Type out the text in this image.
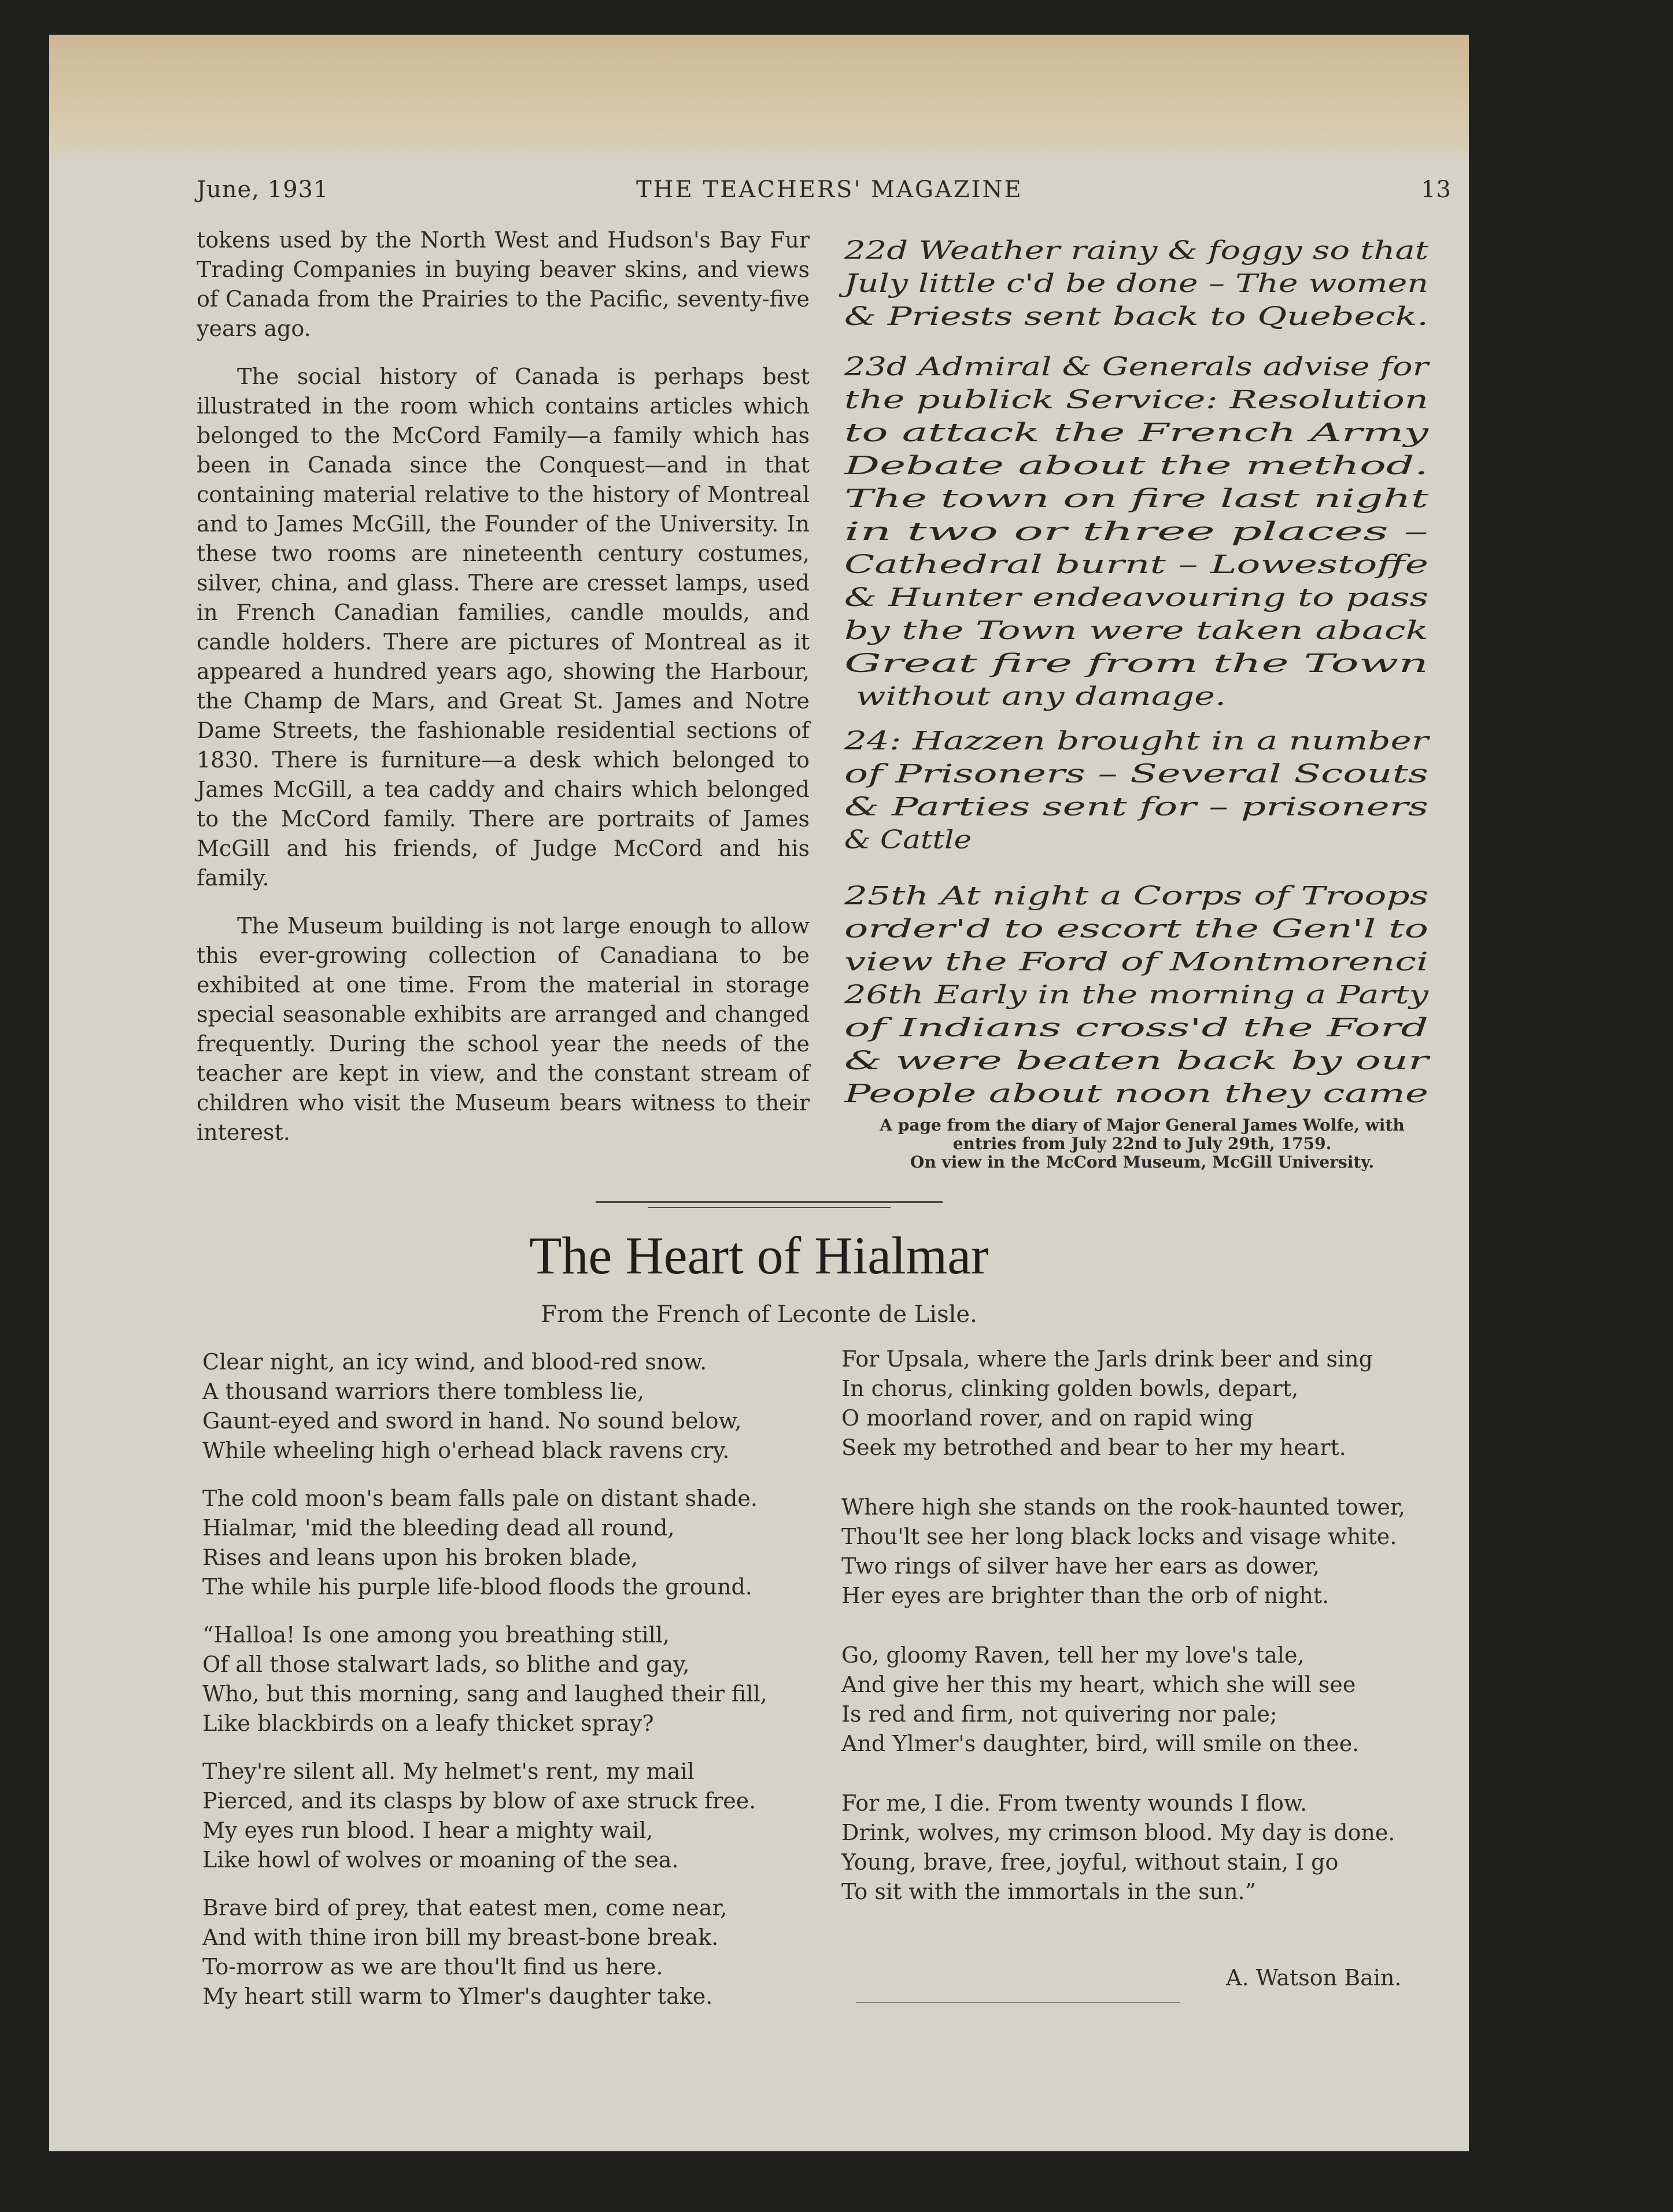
June, 1931	THE TEACHERS' MAGAZINE	13

tokens used by the North West and Hudson's Bay Fur Trading Companies in buying beaver skins, and views of Canada from the Prairies to the Pacific, seventy-five years ago.

The social history of Canada is perhaps best illustrated in the room which contains articles which belonged to the McCord Family—a family which has been in Canada since the Conquest—and in that containing material relative to the history of Montreal and to James McGill, the Founder of the University. In these two rooms are nineteenth century costumes, silver, china, and glass. There are cresset lamps, used in French Canadian families, candle moulds, and candle holders. There are pictures of Montreal as it appeared a hundred years ago, showing the Harbour, the Champ de Mars, and Great St. James and Notre Dame Streets, the fashionable residential sections of 1830. There is furniture—a desk which belonged to James McGill, a tea caddy and chairs which belonged to the McCord family. There are portraits of James McGill and his friends, of Judge McCord and his family.

The Museum building is not large enough to allow this ever-growing collection of Canadiana to be exhibited at one time. From the material in storage special seasonable exhibits are arranged and changed frequently. During the school year the needs of the teacher are kept in view, and the constant stream of children who visit the Museum bears witness to their interest.

22d Weather rainy & foggy so that
July little c'd be done – The women
& Priests sent back to Quebeck.
23d Admiral & Generals advise for
the publick Service: Resolution
to attack the French Army
Debate about the method.
The town on fire last night
in two or three places –
Cathedral burnt – Lowestoffe
& Hunter endeavouring to pass
by the Town were taken aback
Great fire from the Town
without any damage.
24: Hazzen brought in a number
of Prisoners – Several Scouts
& Parties sent for – prisoners
& Cattle
25th At night a Corps of Troops
order'd to escort the Gen'l to
view the Ford of Montmorenci
26th Early in the morning a Party
of Indians cross'd the Ford
& were beaten back by our
People about noon they came
A page from the diary of Major General James Wolfe, with
entries from July 22nd to July 29th, 1759.
On view in the McCord Museum, McGill University.
The Heart of Hialmar
From the French of Leconte de Lisle.
Clear night, an icy wind, and blood-red snow.
A thousand warriors there tombless lie,
Gaunt-eyed and sword in hand. No sound below,
While wheeling high o'erhead black ravens cry.
The cold moon's beam falls pale on distant shade.
Hialmar, 'mid the bleeding dead all round,
Rises and leans upon his broken blade,
The while his purple life-blood floods the ground.
“Halloa! Is one among you breathing still,
Of all those stalwart lads, so blithe and gay,
Who, but this morning, sang and laughed their fill,
Like blackbirds on a leafy thicket spray?
They're silent all. My helmet's rent, my mail
Pierced, and its clasps by blow of axe struck free.
My eyes run blood. I hear a mighty wail,
Like howl of wolves or moaning of the sea.
Brave bird of prey, that eatest men, come near,
And with thine iron bill my breast-bone break.
To-morrow as we are thou'lt find us here.
My heart still warm to Ylmer's daughter take.
For Upsala, where the Jarls drink beer and sing
In chorus, clinking golden bowls, depart,
O moorland rover, and on rapid wing
Seek my betrothed and bear to her my heart.
Where high she stands on the rook-haunted tower,
Thou'lt see her long black locks and visage white.
Two rings of silver have her ears as dower,
Her eyes are brighter than the orb of night.
Go, gloomy Raven, tell her my love's tale,
And give her this my heart, which she will see
Is red and firm, not quivering nor pale;
And Ylmer's daughter, bird, will smile on thee.
For me, I die. From twenty wounds I flow.
Drink, wolves, my crimson blood. My day is done.
Young, brave, free, joyful, without stain, I go
To sit with the immortals in the sun.”
A. Watson Bain.
